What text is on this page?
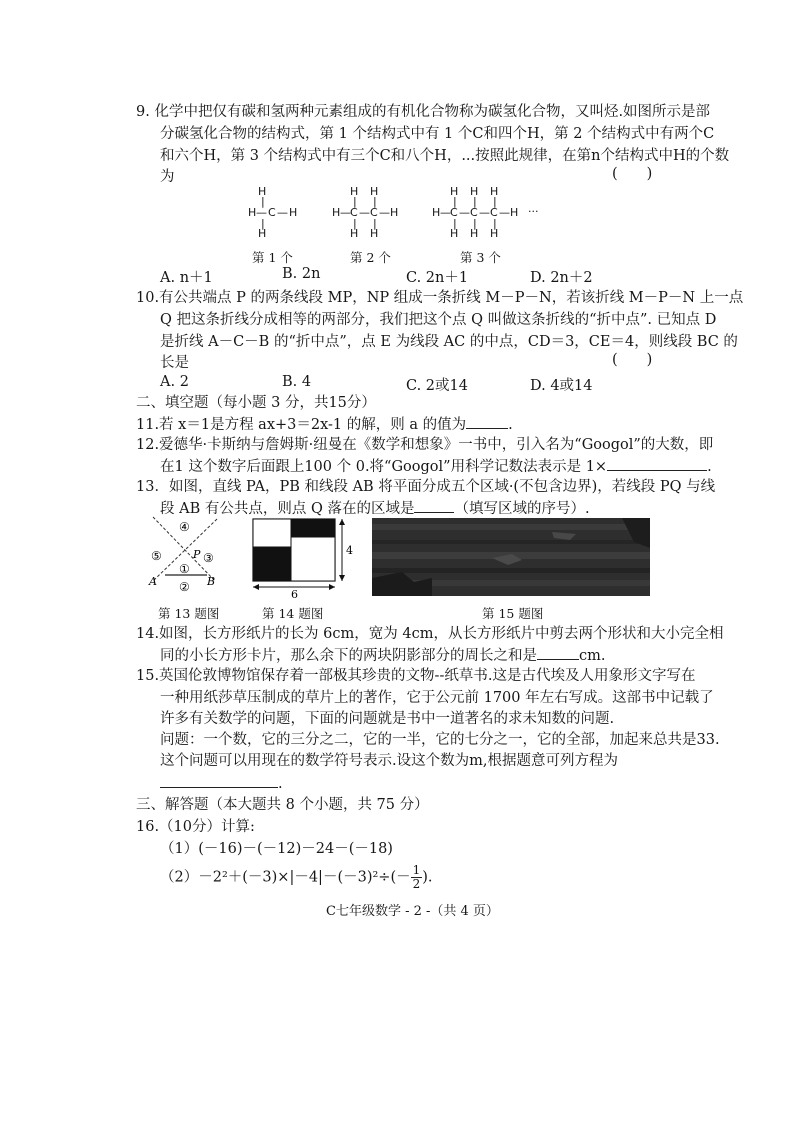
9. 化学中把仅有碳和氢两种元素组成的有机化合物称为碳氢化合物，又叫烃.如图所示是部
分碳氢化合物的结构式，第 1 个结构式中有 1 个C和四个H，第 2 个结构式中有两个C
和六个H，第 3 个结构式中有三个C和八个H，...按照此规律，在第n个结构式中H的个数
为	(　　)
H
|
H — C — H
|
H
H H
| |
H — C — C — H
| |
H H
H H H
| | |
H — C — C — C — H ···
| | |
H H H
第 1 个	第 2 个	第 3 个
A. n＋1	B. 2n	C. 2n＋1	D. 2n＋2
10.有公共端点 P 的两条线段 MP，NP 组成一条折线 M－P－N，若该折线 M－P－N 上一点
Q 把这条折线分成相等的两部分，我们把这个点 Q 叫做这条折线的“折中点”. 已知点 D
是折线 A－C－B 的“折中点”，点 E 为线段 AC 的中点，CD＝3，CE＝4，则线段 BC 的
长是	(　　)
A. 2	B. 4	C. 2或14	D. 4或14
二、填空题（每小题 3 分，共15分）
11.若 x＝1是方程 ax+3＝2x-1 的解，则 a 的值为	.
12.爱德华·卡斯纳与詹姆斯·纽曼在《数学和想象》一书中，引入名为“Googol”的大数，即
在1 这个数字后面跟上100 个 0.将“Googol”用科学记数法表示是 1×	.
13．如图，直线 PA，PB 和线段 AB 将平面分成五个区域·(不包含边界)，若线段 PQ 与线
段 AB 有公共点，则点 Q 落在的区域是	（填写区域的序号）.
④
⑤	③
①
②
P
A	B
第 13 题图
4
6
第 14 题图	第 15 题图
14.如图，长方形纸片的长为 6cm，宽为 4cm，从长方形纸片中剪去两个形状和大小完全相
同的小长方形卡片，那么余下的两块阴影部分的周长之和是	cm.
15.英国伦敦博物馆保存着一部极其珍贵的文物--纸草书.这是古代埃及人用象形文字写在
一种用纸莎草压制成的草片上的著作，它于公元前 1700 年左右写成。这部书中记载了
许多有关数学的问题，下面的问题就是书中一道著名的求未知数的问题.
问题：一个数，它的三分之二，它的一半，它的七分之一，它的全部，加起来总共是33.
这个问题可以用现在的数学符号表示.设这个数为m,根据题意可列方程为
.
三、解答题（本大题共 8 个小题，共 75 分）
16.（10分）计算:
（1）(－16)－(－12)－24－(－18)
$(2)-2^2+(-3)\times|-4|-(-3)^2\div(- \frac{1}{2}$ ).
C七年级数学 - 2 -（共 4 页）
